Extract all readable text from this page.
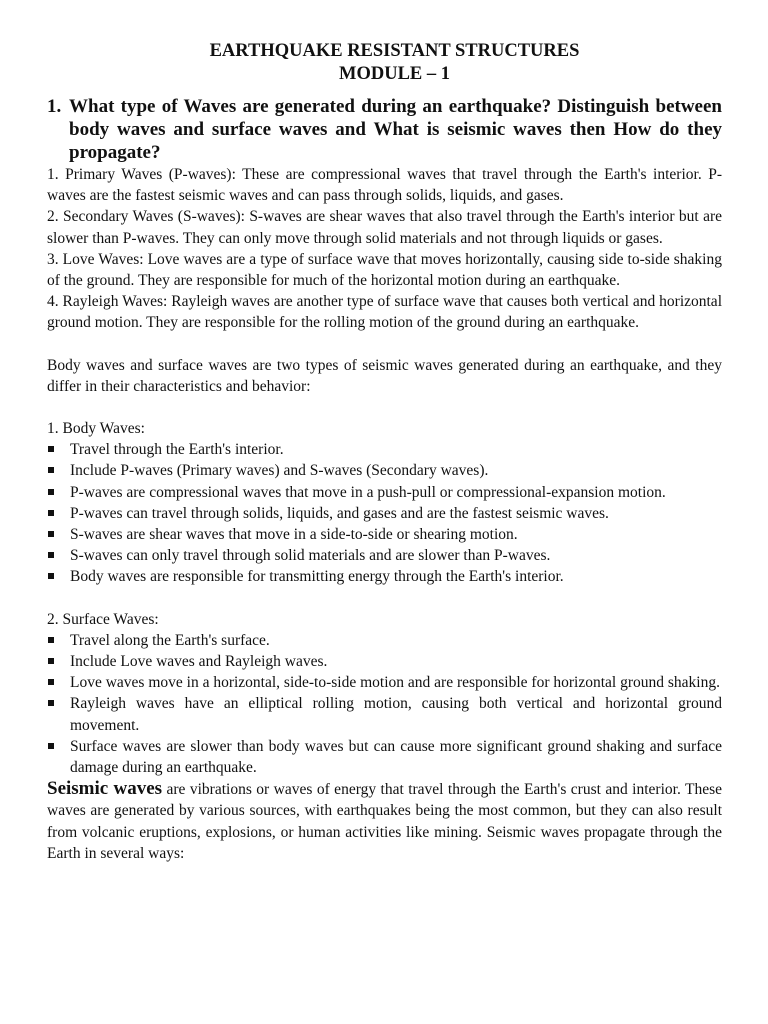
EARTHQUAKE RESISTANT STRUCTURES
MODULE – 1
1. What type of Waves are generated during an earthquake? Distinguish between body waves and surface waves and What is seismic waves then How do they propagate?

1. Primary Waves (P-waves): These are compressional waves that travel through the Earth's interior. P-waves are the fastest seismic waves and can pass through solids, liquids, and gases.

2. Secondary Waves (S-waves): S-waves are shear waves that also travel through the Earth's interior but are slower than P-waves. They can only move through solid materials and not through liquids or gases.

3. Love Waves: Love waves are a type of surface wave that moves horizontally, causing side to-side shaking of the ground. They are responsible for much of the horizontal motion during an earthquake.

4. Rayleigh Waves: Rayleigh waves are another type of surface wave that causes both vertical and horizontal ground motion. They are responsible for the rolling motion of the ground during an earthquake.

Body waves and surface waves are two types of seismic waves generated during an earthquake, and they differ in their characteristics and behavior:

1. Body Waves:

Travel through the Earth's interior.
Include P-waves (Primary waves) and S-waves (Secondary waves).
P-waves are compressional waves that move in a push-pull or compressional-expansion motion.
P-waves can travel through solids, liquids, and gases and are the fastest seismic waves.
S-waves are shear waves that move in a side-to-side or shearing motion.
S-waves can only travel through solid materials and are slower than P-waves.
Body waves are responsible for transmitting energy through the Earth's interior.

2. Surface Waves:

Travel along the Earth's surface.
Include Love waves and Rayleigh waves.
Love waves move in a horizontal, side-to-side motion and are responsible for horizontal ground shaking.
Rayleigh waves have an elliptical rolling motion, causing both vertical and horizontal ground movement.
Surface waves are slower than body waves but can cause more significant ground shaking and surface damage during an earthquake.

Seismic waves are vibrations or waves of energy that travel through the Earth's crust and interior. These waves are generated by various sources, with earthquakes being the most common, but they can also result from volcanic eruptions, explosions, or human activities like mining. Seismic waves propagate through the Earth in several ways:
